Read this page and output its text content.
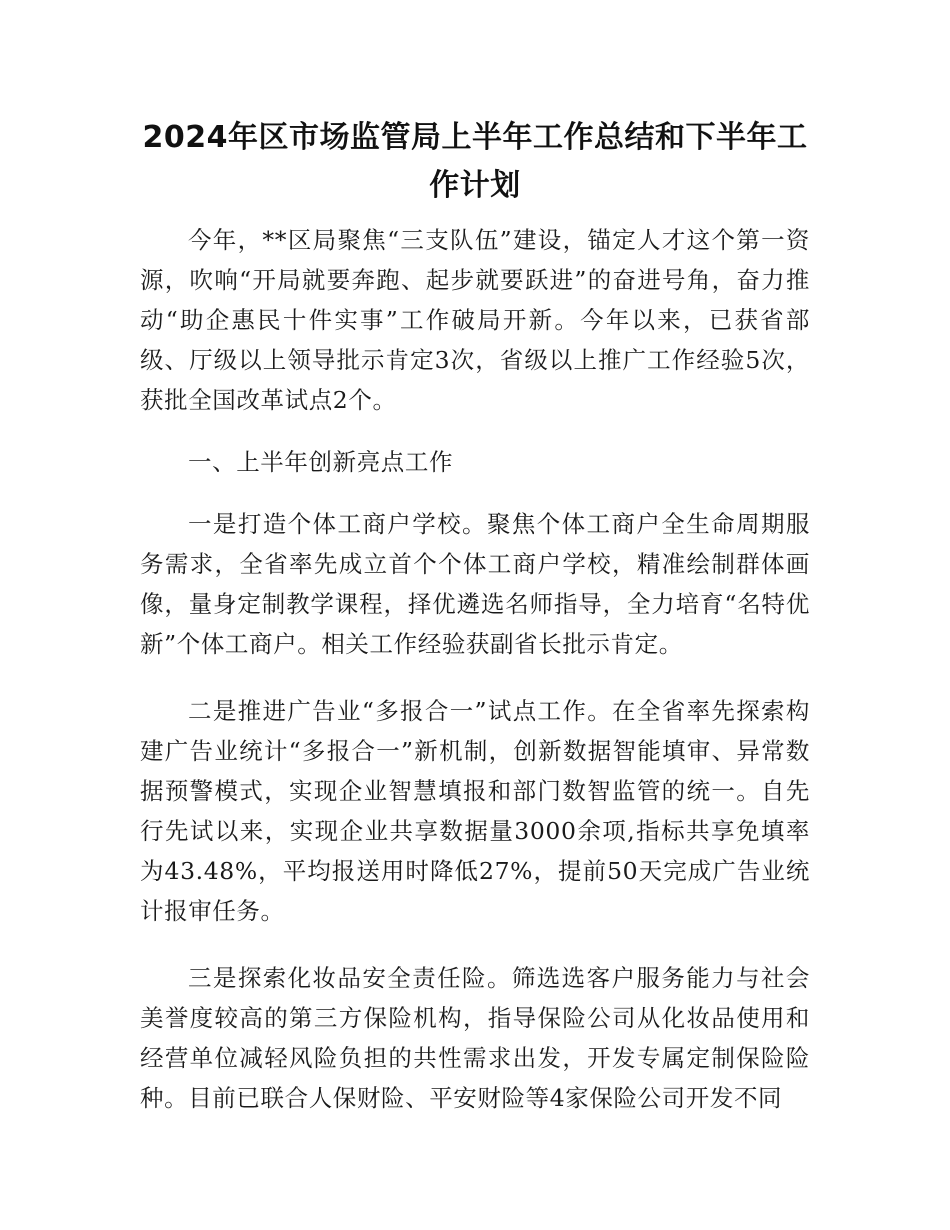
2024年区市场监管局上半年工作总结和下半年工作计划

今年，**区局聚焦“三支队伍”建设，锚定人才这个第一资源，吹响“开局就要奔跑、起步就要跃进”的奋进号角，奋力推动“助企惠民十件实事”工作破局开新。今年以来，已获省部级、厅级以上领导批示肯定3次，省级以上推广工作经验5次，获批全国改革试点2个。

一、上半年创新亮点工作

一是打造个体工商户学校。聚焦个体工商户全生命周期服务需求，全省率先成立首个个体工商户学校，精准绘制群体画像，量身定制教学课程，择优遴选名师指导，全力培育“名特优新”个体工商户。相关工作经验获副省长批示肯定。

二是推进广告业“多报合一”试点工作。在全省率先探索构建广告业统计“多报合一”新机制，创新数据智能填审、异常数据预警模式，实现企业智慧填报和部门数智监管的统一。自先行先试以来，实现企业共享数据量3000余项,指标共享免填率为43.48%，平均报送用时降低27%，提前50天完成广告业统计报审任务。

三是探索化妆品安全责任险。筛选选客户服务能力与社会美誉度较高的第三方保险机构，指导保险公司从化妆品使用和经营单位减轻风险负担的共性需求出发，开发专属定制保险险种。目前已联合人保财险、平安财险等4家保险公司开发不同
